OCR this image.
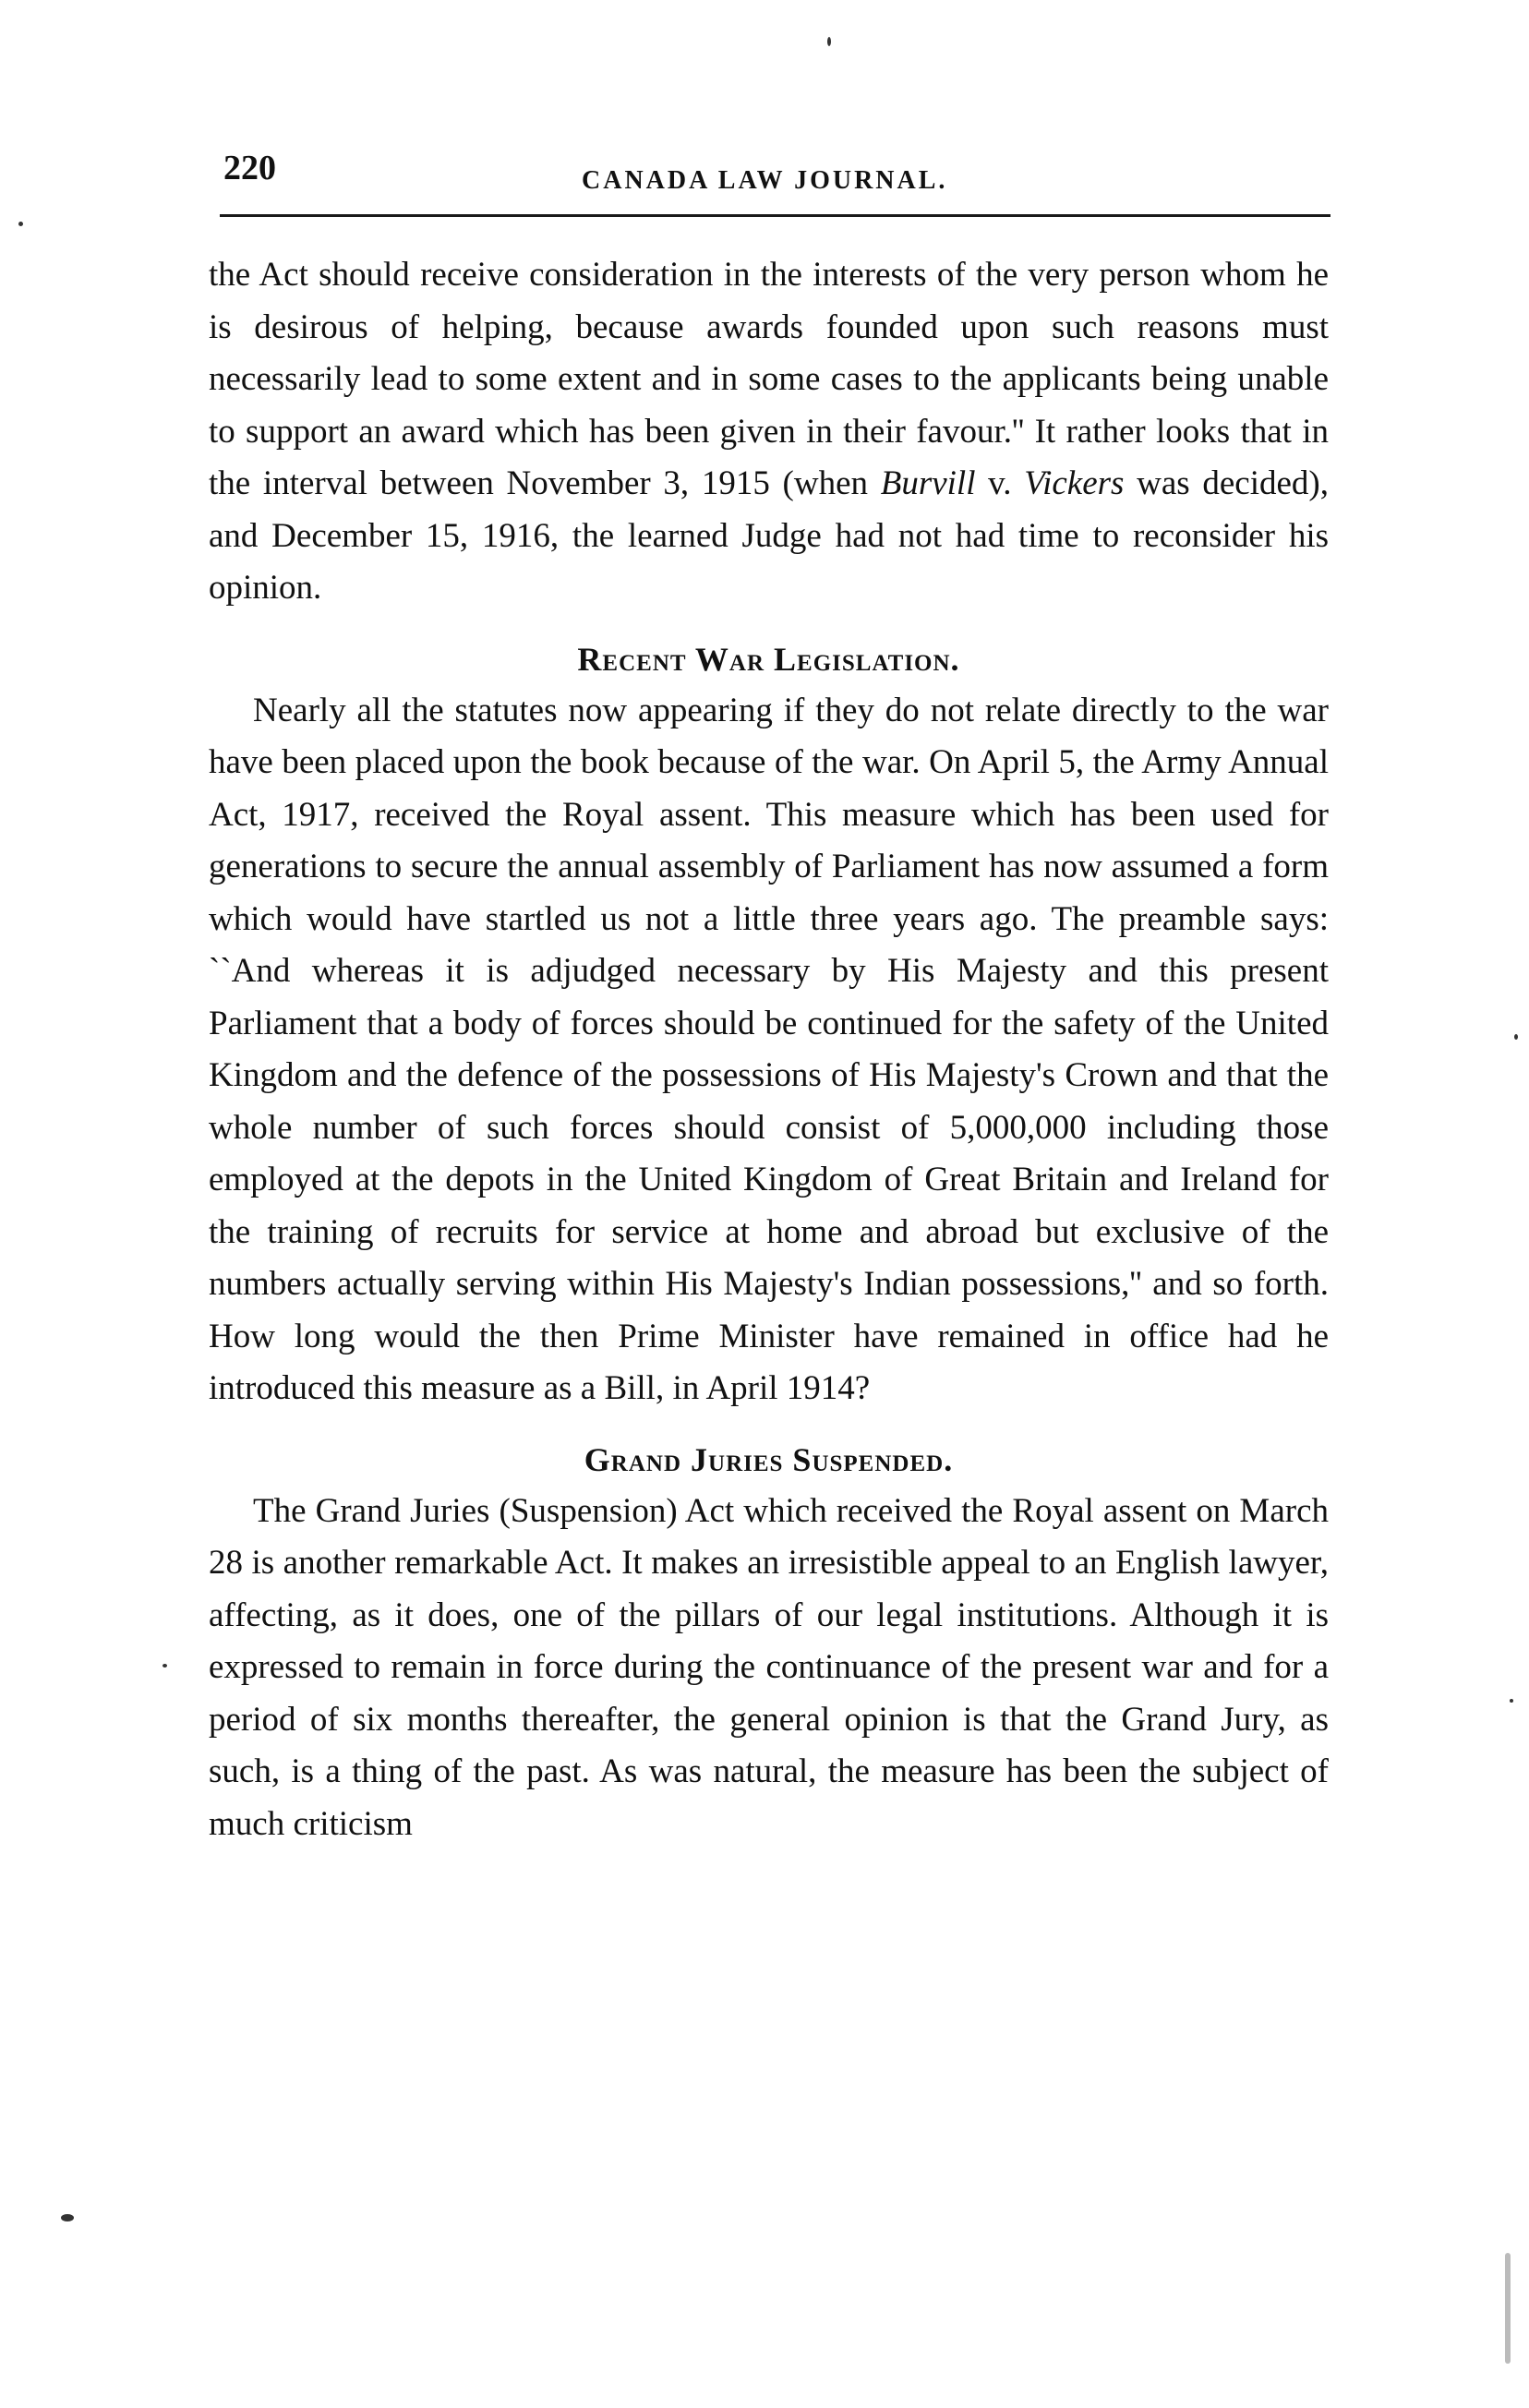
220	CANADA LAW JOURNAL.

the Act should receive consideration in the interests of the very person whom he is desirous of helping, because awards founded upon such reasons must necessarily lead to some extent and in some cases to the applicants being unable to support an award which has been given in their favour.'' It rather looks that in the interval between November 3, 1915 (when Burvill v. Vickers was decided), and December 15, 1916, the learned Judge had not had time to reconsider his opinion.

Recent War Legislation.

Nearly all the statutes now appearing if they do not relate directly to the war have been placed upon the book because of the war. On April 5, the Army Annual Act, 1917, received the Royal assent. This measure which has been used for generations to secure the annual assembly of Parliament has now assumed a form which would have startled us not a little three years ago. The preamble says: ``And whereas it is adjudged necessary by His Majesty and this present Parliament that a body of forces should be continued for the safety of the United Kingdom and the defence of the possessions of His Majesty's Crown and that the whole number of such forces should consist of 5,000,000 including those employed at the depots in the United Kingdom of Great Britain and Ireland for the training of recruits for service at home and abroad but exclusive of the numbers actually serving within His Majesty's Indian possessions,'' and so forth. How long would the then Prime Minister have remained in office had he introduced this measure as a Bill, in April 1914?

Grand Juries Suspended.

The Grand Juries (Suspension) Act which received the Royal assent on March 28 is another remarkable Act. It makes an irresistible appeal to an English lawyer, affecting, as it does, one of the pillars of our legal institutions. Although it is expressed to remain in force during the continuance of the present war and for a period of six months thereafter, the general opinion is that the Grand Jury, as such, is a thing of the past. As was natural, the measure has been the subject of much criticism
